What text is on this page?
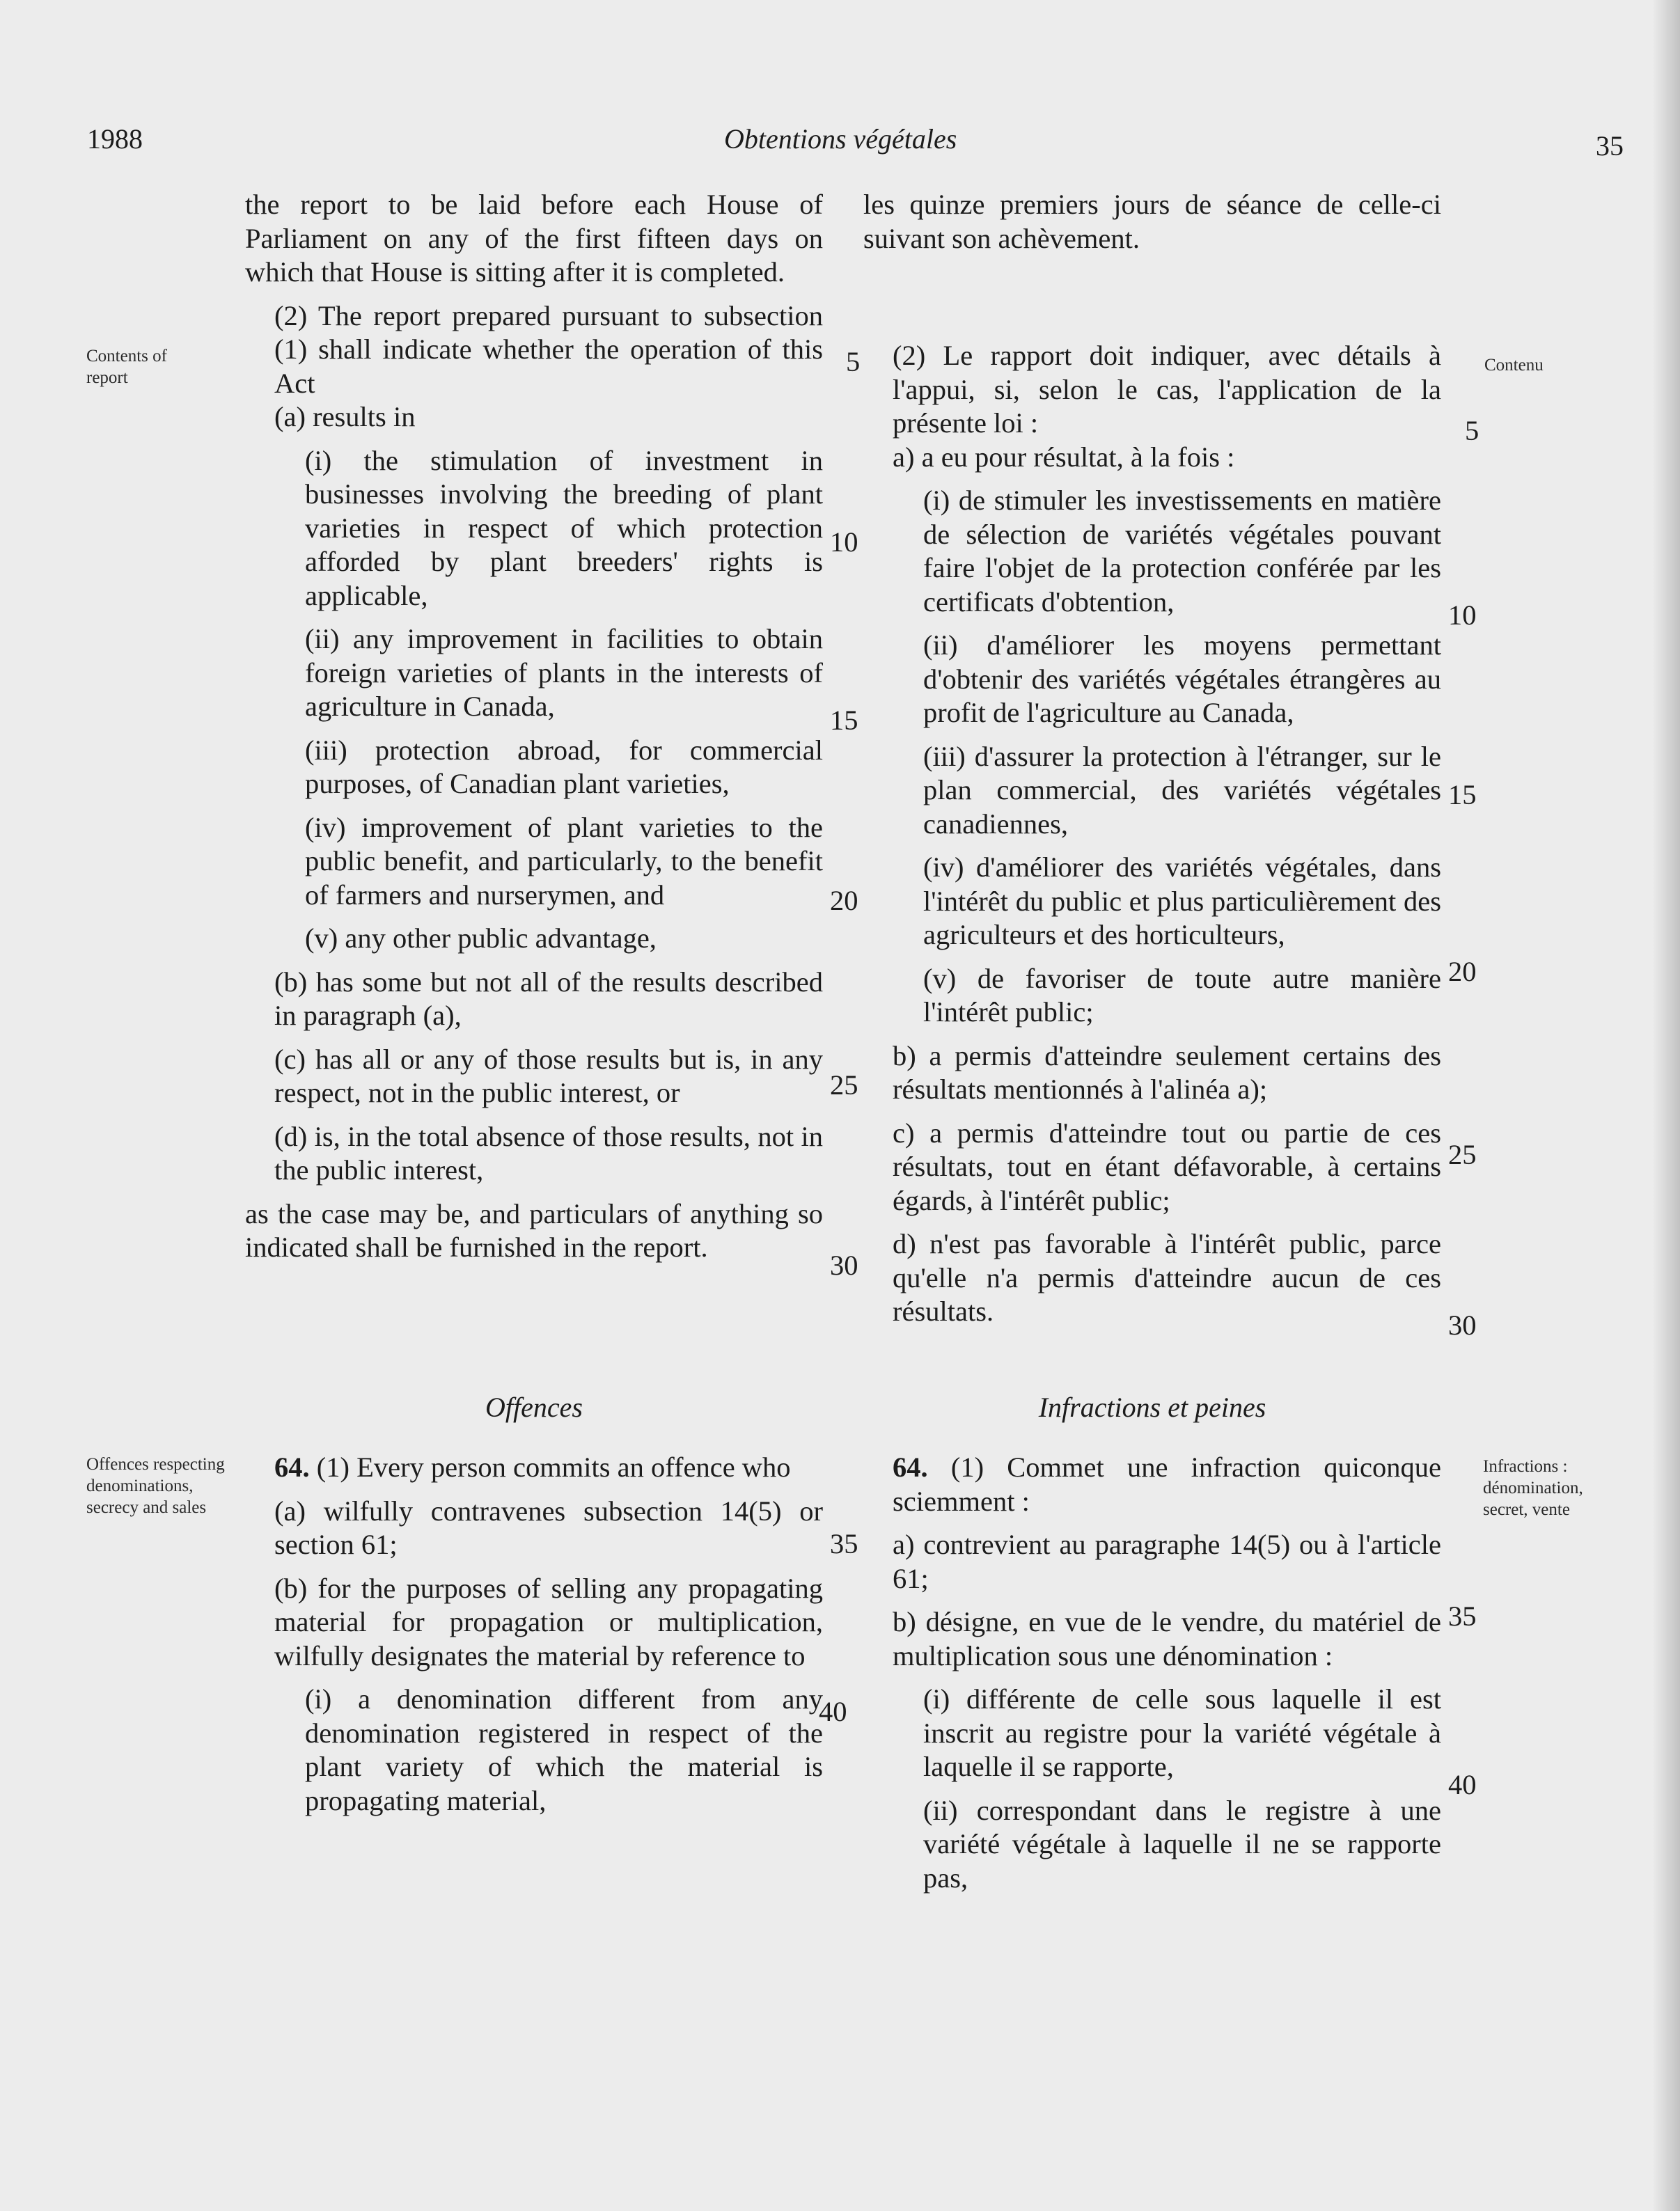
1988	Obtentions végétales	35
Contents of report
Contenu
Offences respecting denominations, secrecy and sales
Infractions : dénomination, secret, vente

the report to be laid before each House of Parliament on any of the first fifteen days on which that House is sitting after it is completed.

(2) The report prepared pursuant to subsection (1) shall indicate whether the operation of this Act

(a) results in

(i) the stimulation of investment in businesses involving the breeding of plant varieties in respect of which protection afforded by plant breeders' rights is applicable,

(ii) any improvement in facilities to obtain foreign varieties of plants in the interests of agriculture in Canada,

(iii) protection abroad, for commercial purposes, of Canadian plant varieties,

(iv) improvement of plant varieties to the public benefit, and particularly, to the benefit of farmers and nurserymen, and

(v) any other public advantage,

(b) has some but not all of the results described in paragraph (a),

(c) has all or any of those results but is, in any respect, not in the public interest, or

(d) is, in the total absence of those results, not in the public interest,

as the case may be, and particulars of anything so indicated shall be furnished in the report.

les quinze premiers jours de séance de celle-ci suivant son achèvement.

(2) Le rapport doit indiquer, avec détails à l'appui, si, selon le cas, l'application de la présente loi :

a) a eu pour résultat, à la fois :

(i) de stimuler les investissements en matière de sélection de variétés végétales pouvant faire l'objet de la protection conférée par les certificats d'obtention,

(ii) d'améliorer les moyens permettant d'obtenir des variétés végétales étrangères au profit de l'agriculture au Canada,

(iii) d'assurer la protection à l'étranger, sur le plan commercial, des variétés végétales canadiennes,

(iv) d'améliorer des variétés végétales, dans l'intérêt du public et plus particulièrement des agriculteurs et des horticulteurs,

(v) de favoriser de toute autre manière l'intérêt public;

b) a permis d'atteindre seulement certains des résultats mentionnés à l'alinéa a);

c) a permis d'atteindre tout ou partie de ces résultats, tout en étant défavorable, à certains égards, à l'intérêt public;

d) n'est pas favorable à l'intérêt public, parce qu'elle n'a permis d'atteindre aucun de ces résultats.

Offences	Infractions et peines

64. (1) Every person commits an offence who

(a) wilfully contravenes subsection 14(5) or section 61;

(b) for the purposes of selling any propagating material for propagation or multiplication, wilfully designates the material by reference to

(i) a denomination different from any denomination registered in respect of the plant variety of which the material is propagating material,

64. (1) Commet une infraction quiconque sciemment :

a) contrevient au paragraphe 14(5) ou à l'article 61;

b) désigne, en vue de le vendre, du matériel de multiplication sous une dénomination :

(i) différente de celle sous laquelle il est inscrit au registre pour la variété végétale à laquelle il se rapporte,

(ii) correspondant dans le registre à une variété végétale à laquelle il ne se rapporte pas,

5
10
15
20
25
30
35
40
5
10
15
20
25
30
35
40
